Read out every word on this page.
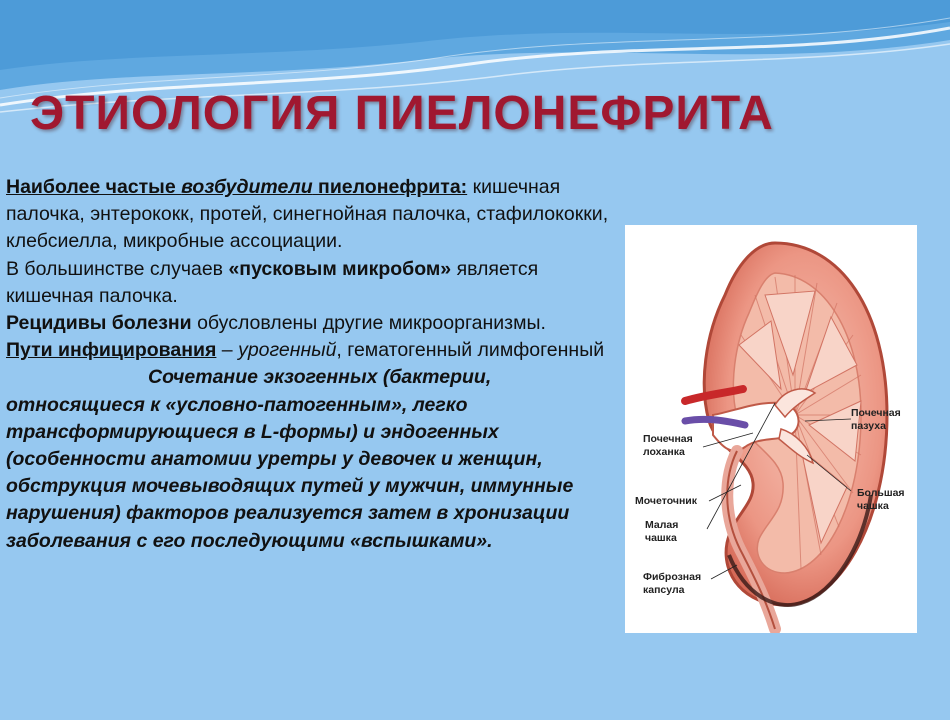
ЭТИОЛОГИЯ ПИЕЛОНЕФРИТА

Наиболее частые возбудители пиелонефрита: кишечная палочка, энтерококк, протей, синегнойная палочка, стафилококки, клебсиелла, микробные ассоциации.

В большинстве случаев «пусковым микробом» является кишечная палочка.

Рецидивы болезни обусловлены другие микроорганизмы.

Пути инфицирования – урогенный, гематогенный лимфогенный

Сочетание экзогенных (бактерии, относящиеся к «условно-патогенным», легко трансформирующиеся в L-формы) и эндогенных (особенности анатомии уретры у девочек и женщин, обструкция мочевыводящих путей у мужчин, иммунные нарушения) факторов реализуется затем в хронизации заболевания с его последующими «вспышками».

Почечная
пазуха
Почечная
лоханка
Мочеточник
Большая
чашка
Малая
чашка
Фиброзная
капсула
